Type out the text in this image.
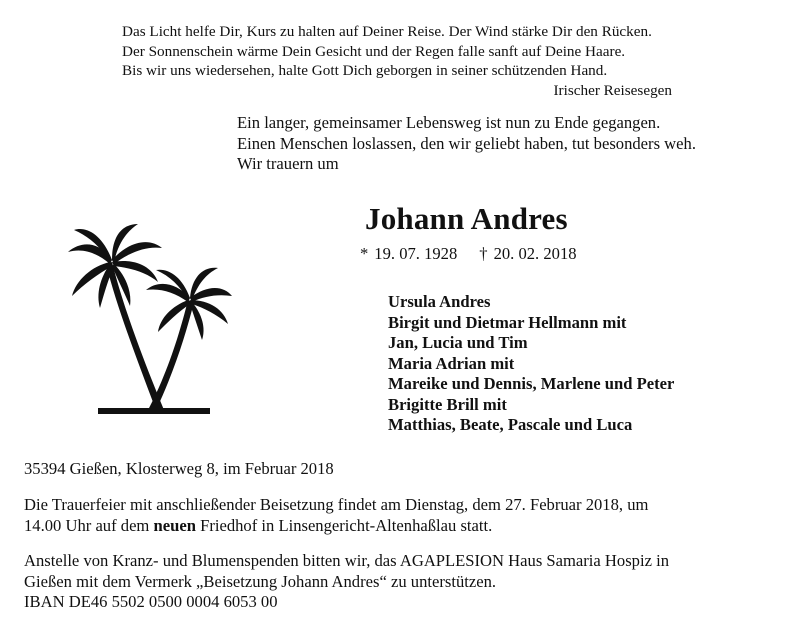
Das Licht helfe Dir, Kurs zu halten auf Deiner Reise. Der Wind stärke Dir den Rücken.
Der Sonnenschein wärme Dein Gesicht und der Regen falle sanft auf Deine Haare.
Bis wir uns wiedersehen, halte Gott Dich geborgen in seiner schützenden Hand.
Irischer Reisesegen
Ein langer, gemeinsamer Lebensweg ist nun zu Ende gegangen.
Einen Menschen loslassen, den wir geliebt haben, tut besonders weh.
Wir trauern um
Johann Andres
* 19. 07. 1928 † 20. 02. 2018
Ursula Andres
Birgit und Dietmar Hellmann mit
Jan, Lucia und Tim
Maria Adrian mit
Mareike und Dennis, Marlene und Peter
Brigitte Brill mit
Matthias, Beate, Pascale und Luca
35394 Gießen, Klosterweg 8, im Februar 2018
Die Trauerfeier mit anschließender Beisetzung findet am Dienstag, dem 27. Februar 2018, um
14.00 Uhr auf dem neuen Friedhof in Linsengericht-Altenhaßlau statt.
Anstelle von Kranz- und Blumenspenden bitten wir, das AGAPLESION Haus Samaria Hospiz in
Gießen mit dem Vermerk „Beisetzung Johann Andres“ zu unterstützen.
IBAN DE46 5502 0500 0004 6053 00
